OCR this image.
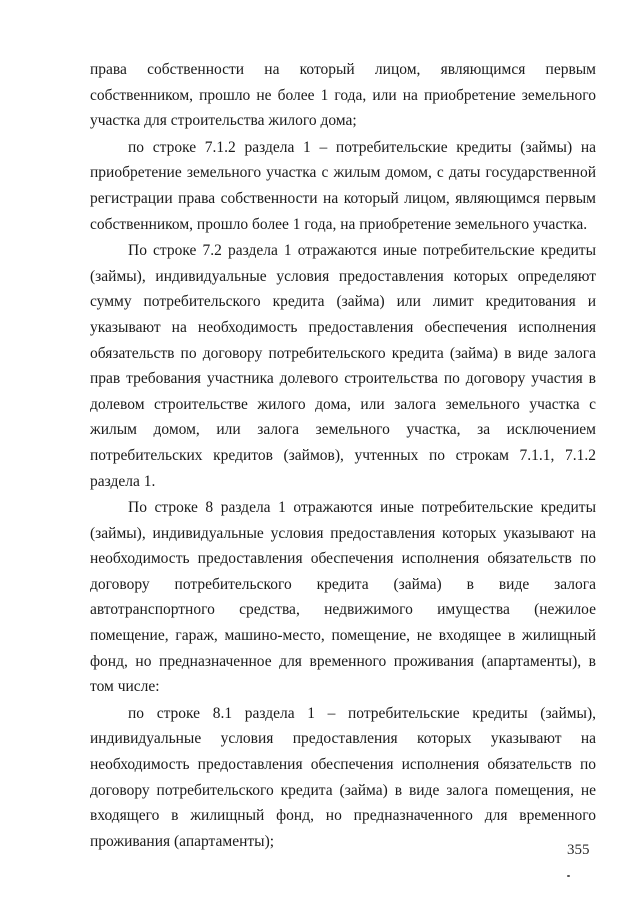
права собственности на который лицом, являющимся первым собственником, прошло не более 1 года, или на приобретение земельного участка для строительства жилого дома;

по строке 7.1.2 раздела 1 – потребительские кредиты (займы) на приобретение земельного участка с жилым домом, с даты государственной регистрации права собственности на который лицом, являющимся первым собственником, прошло более 1 года, на приобретение земельного участка.

По строке 7.2 раздела 1 отражаются иные потребительские кредиты (займы), индивидуальные условия предоставления которых определяют сумму потребительского кредита (займа) или лимит кредитования и указывают на необходимость предоставления обеспечения исполнения обязательств по договору потребительского кредита (займа) в виде залога прав требования участника долевого строительства по договору участия в долевом строительстве жилого дома, или залога земельного участка с жилым домом, или залога земельного участка, за исключением потребительских кредитов (займов), учтенных по строкам 7.1.1, 7.1.2 раздела 1.

По строке 8 раздела 1 отражаются иные потребительские кредиты (займы), индивидуальные условия предоставления которых указывают на необходимость предоставления обеспечения исполнения обязательств по договору потребительского кредита (займа) в виде залога автотранспортного средства, недвижимого имущества (нежилое помещение, гараж, машино-место, помещение, не входящее в жилищный фонд, но предназначенное для временного проживания (апартаменты), в том числе:

по строке 8.1 раздела 1 – потребительские кредиты (займы), индивидуальные условия предоставления которых указывают на необходимость предоставления обеспечения исполнения обязательств по договору потребительского кредита (займа) в виде залога помещения, не входящего в жилищный фонд, но предназначенного для временного проживания (апартаменты);

355
